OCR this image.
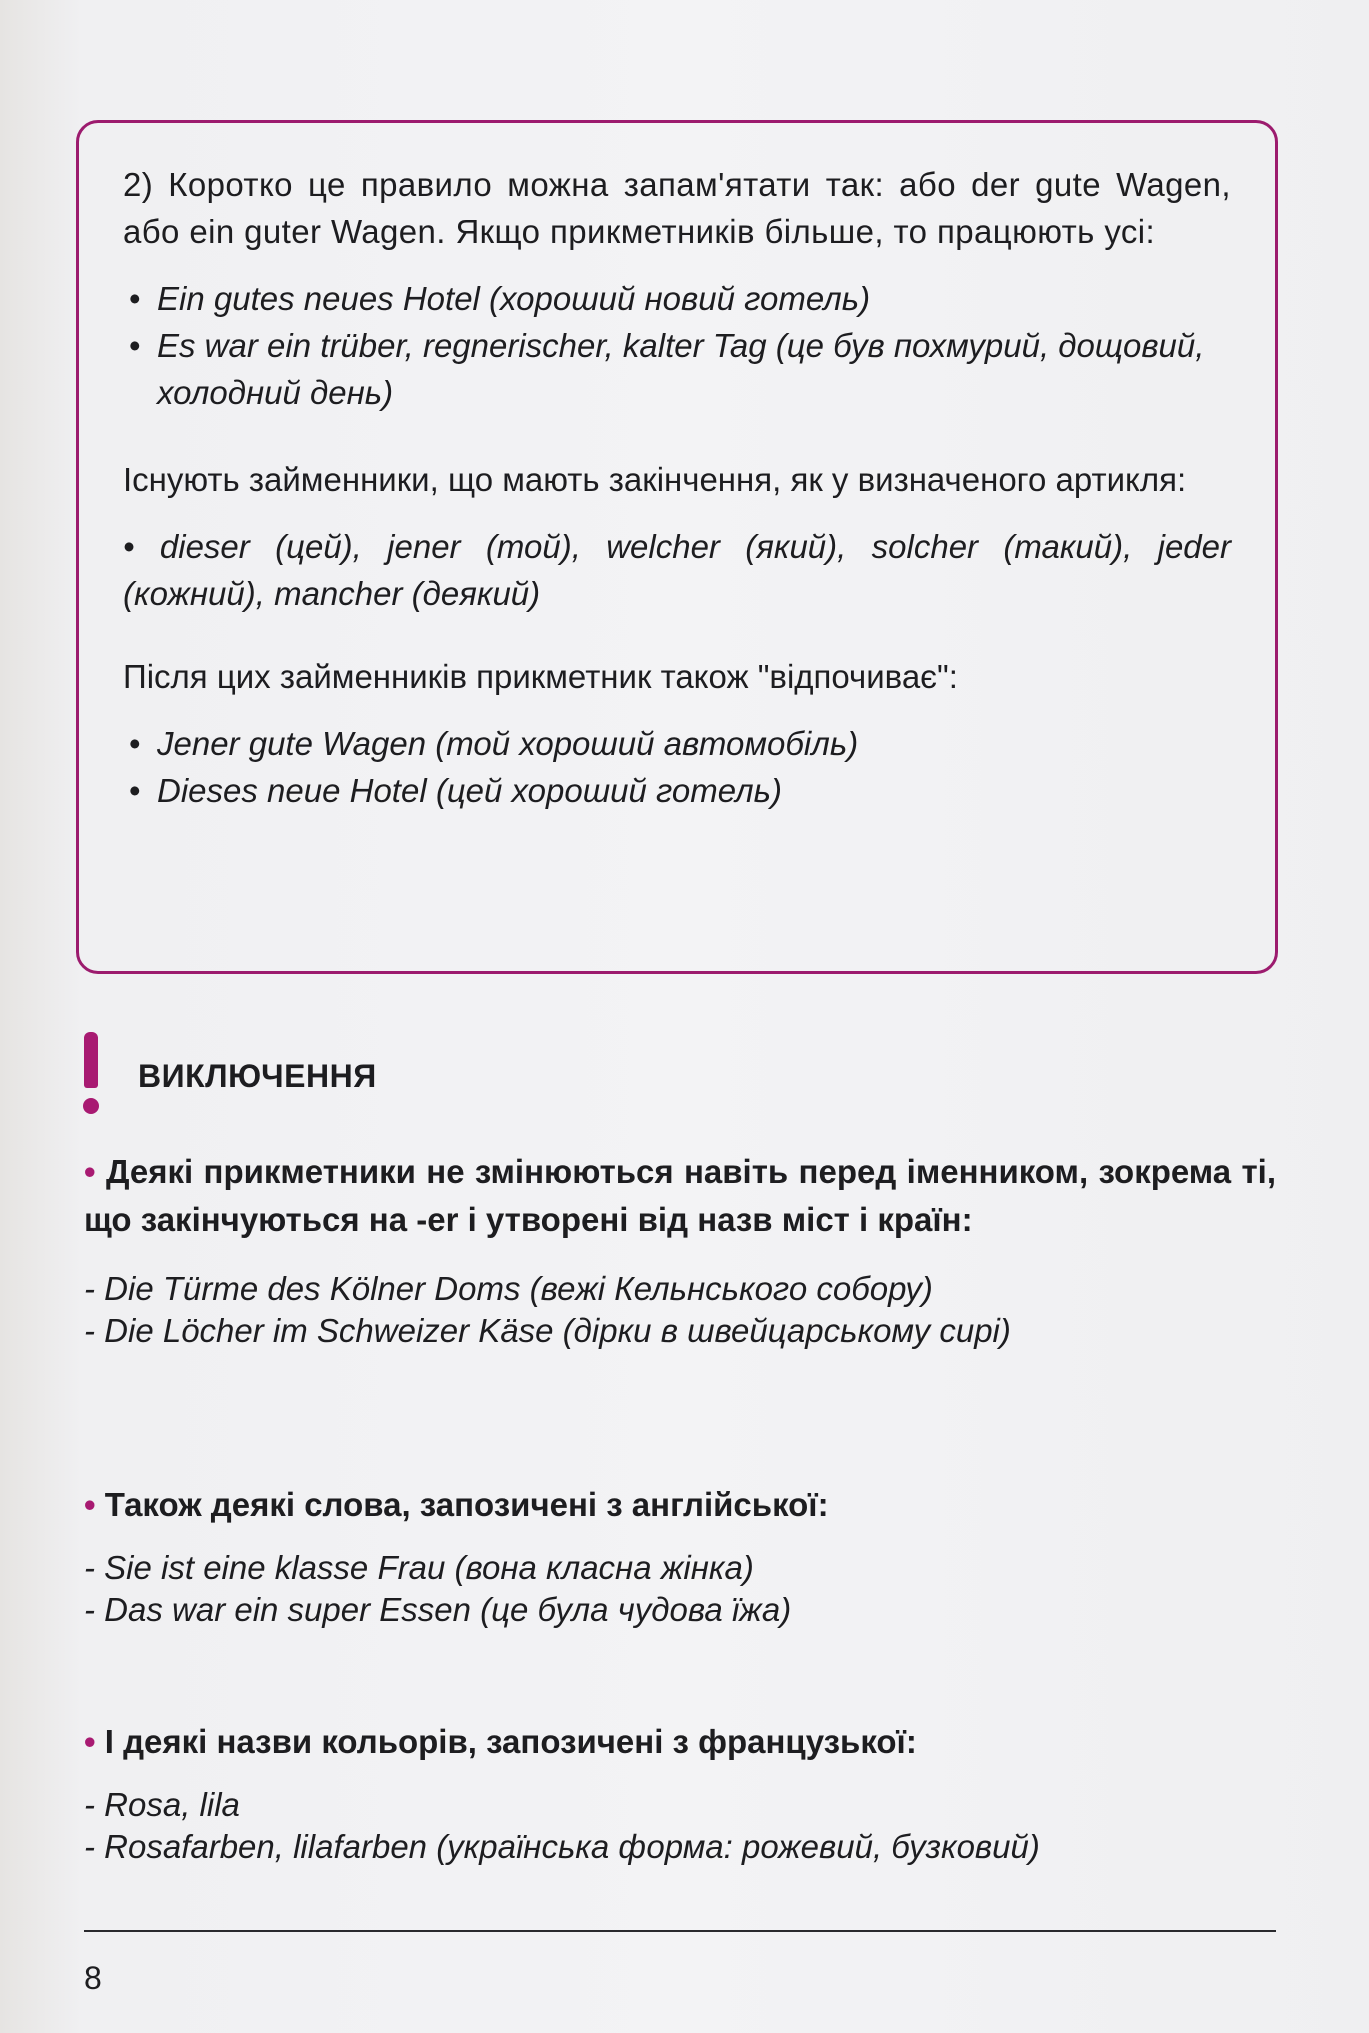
2) Коротко це правило можна запам'ятати так: або der gute Wagen, або ein guter Wagen. Якщо прикметників більше, то працюють усі:

• Ein gutes neues Hotel (хороший новий готель)
• Es war ein trüber, regnerischer, kalter Tag (це був похмурий, дощовий, холодний день)

Існують займенники, що мають закінчення, як у визначеного артикля:

• dieser (цей), jener (той), welcher (який), solcher (такий), jeder (кожний), mancher (деякий)

Після цих займенників прикметник також "відпочиває":

• Jener gute Wagen (той хороший автомобіль)
• Dieses neue Hotel (цей хороший готель)
ВИКЛЮЧЕННЯ

• Деякі прикметники не змінюються навіть перед іменником, зокрема ті, що закінчуються на -er і утворені від назв міст і країн:

- Die Türme des Kölner Doms (вежі Кельнського собору)

- Die Löcher im Schweizer Käse (дірки в швейцарському сирі)

• Також деякі слова, запозичені з англійської:

- Sie ist eine klasse Frau (вона класна жінка)

- Das war ein super Essen (це була чудова їжа)

• І деякі назви кольорів, запозичені з французької:

- Rosa, lila

- Rosafarben, lilafarben (українська форма: рожевий, бузковий)

8
